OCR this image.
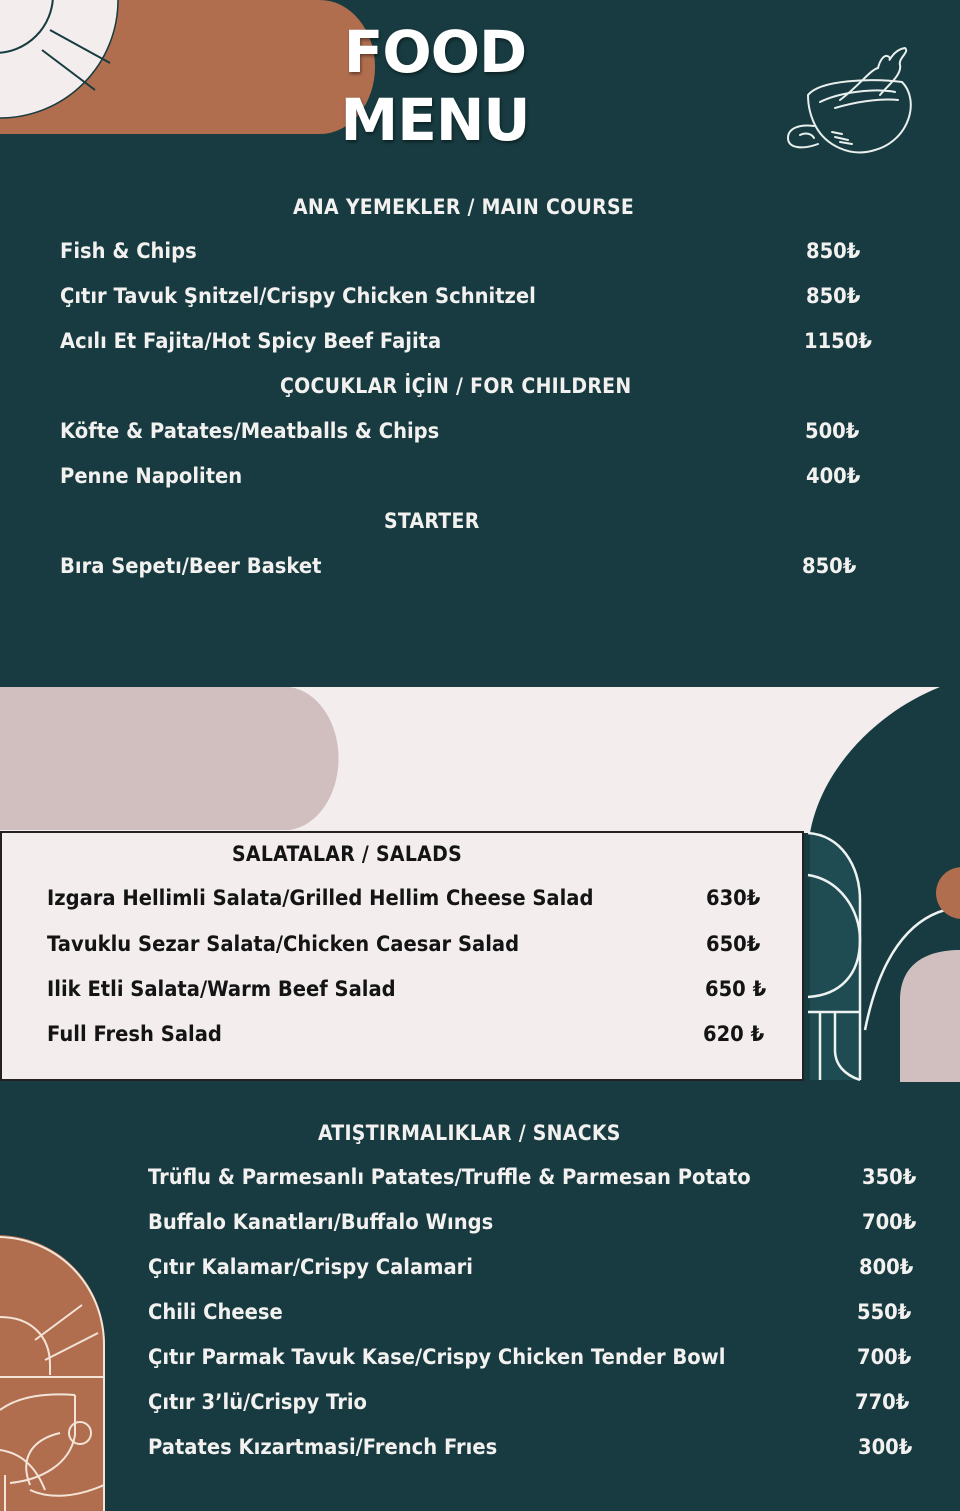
FOOD MENU
ANA YEMEKLER / MAIN COURSE
Fish & Chips	850₺
Çıtır Tavuk Şnitzel/Crispy Chicken Schnitzel	850₺
Acılı Et Fajita/Hot Spicy Beef Fajita	1150₺
ÇOCUKLAR İÇİN / FOR CHILDREN
Köfte & Patates/Meatballs & Chips	500₺
Penne Napoliten	400₺
STARTER
Bıra Sepetı/Beer Basket	850₺
SALATALAR / SALADS
Izgara Hellimli Salata/Grilled Hellim Cheese Salad	630₺
Tavuklu Sezar Salata/Chicken Caesar Salad	650₺
Ilik Etli Salata/Warm Beef Salad	650 ₺
Full Fresh Salad	620 ₺
ATIŞTIRMALIKLAR / SNACKS
Trüflu & Parmesanlı Patates/Truffle & Parmesan Potato	350₺
Buffalo Kanatları/Buffalo Wıngs	700₺
Çıtır Kalamar/Crispy Calamari	800₺
Chili Cheese	550₺
Çıtır Parmak Tavuk Kase/Crispy Chicken Tender Bowl	700₺
Çıtır 3’lü/Crispy Trio	770₺
Patates Kızartmasi/French Frıes	300₺
